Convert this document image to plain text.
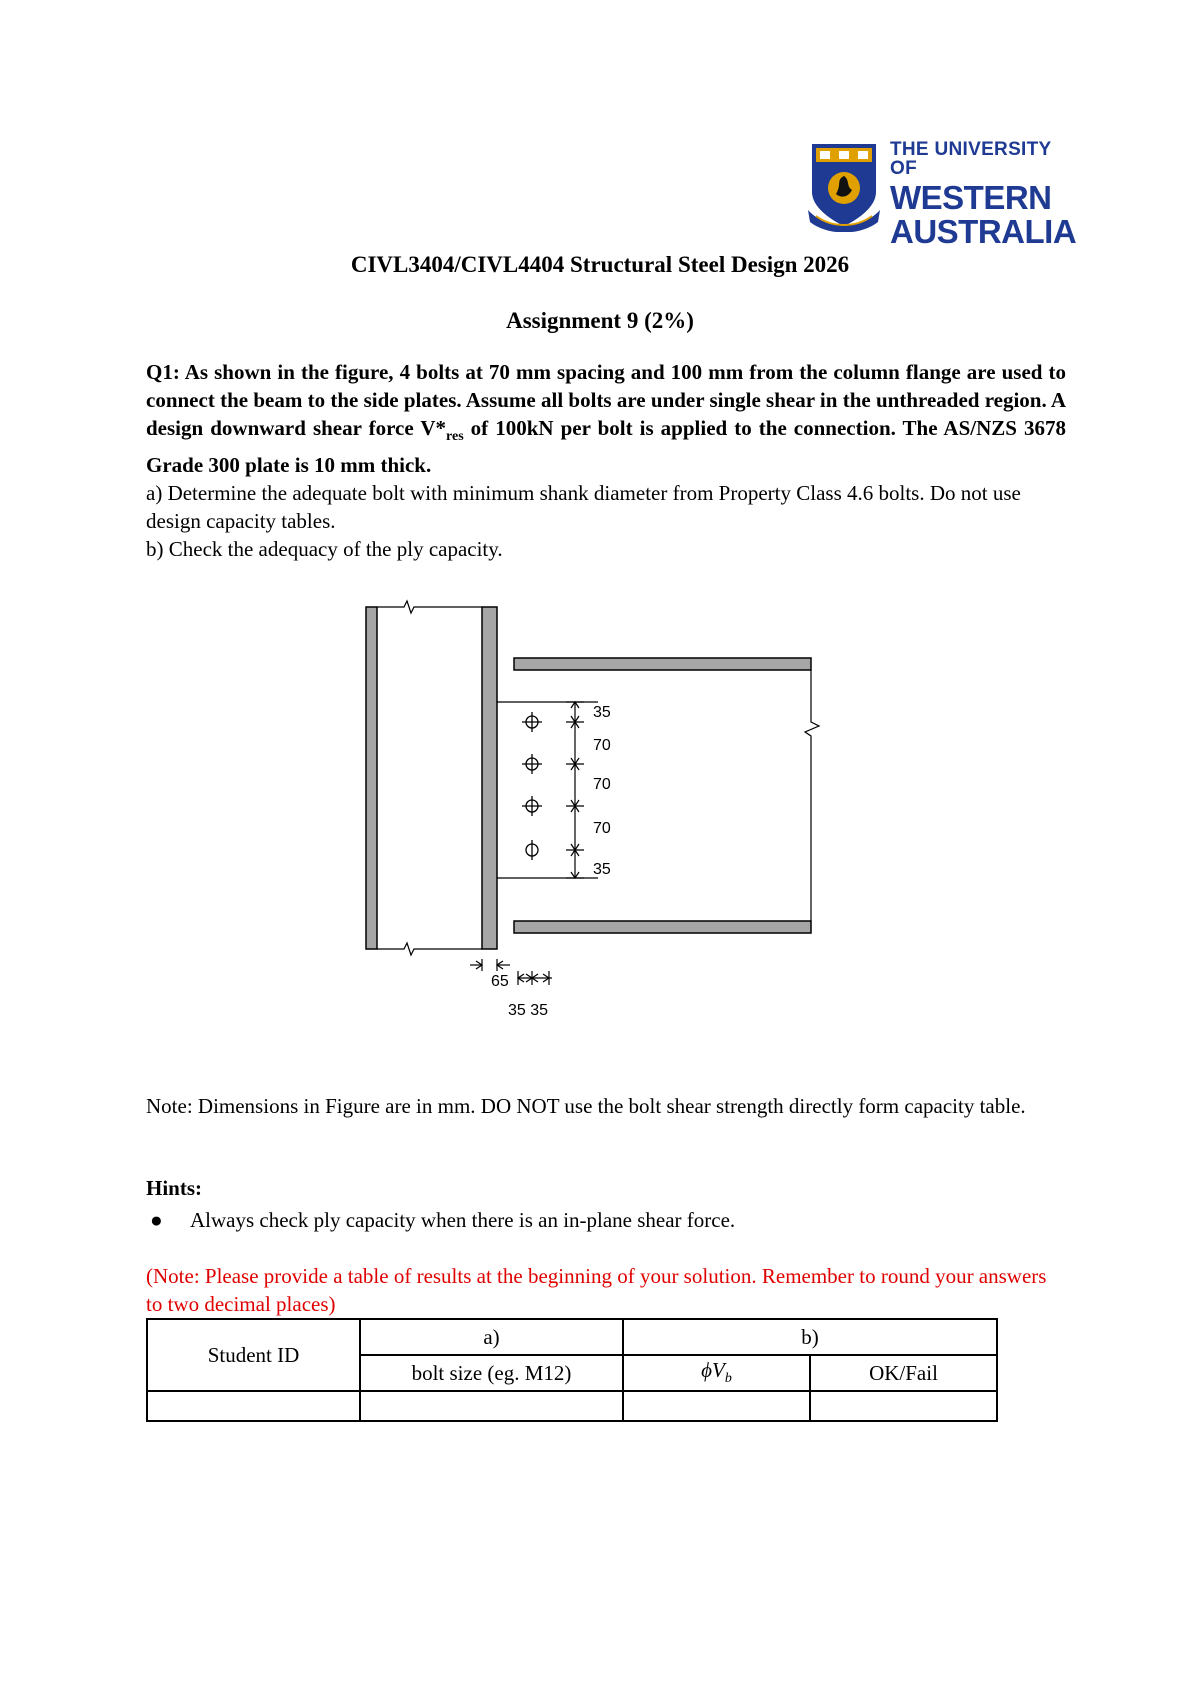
THE UNIVERSITY OF
WESTERN
AUSTRALIA
CIVL3404/CIVL4404 Structural Steel Design 2026
Assignment 9 (2%)

Q1: As shown in the figure, 4 bolts at 70 mm spacing and 100 mm from the column flange are used to connect the beam to the side plates. Assume all bolts are under single shear in the unthreaded region. A design downward shear force $V*_{res}$ of 100kN per bolt is applied to the connection. The AS/NZS 3678 Grade 300 plate is 10 mm thick.

a) Determine the adequate bolt with minimum shank diameter from Property Class 4.6 bolts. Do not use design capacity tables.

b) Check the adequacy of the ply capacity.

35
70
70
70
35
65
35 35
Note: Dimensions in Figure are in mm. DO NOT use the bolt shear strength directly form capacity table.
Hints:
● Always check ply capacity when there is an in-plane shear force.
(Note: Please provide a table of results at the beginning of your solution. Remember to round your answers to two decimal places)
Student ID	a)	b)	
	bolt size (eg. M12)	$\phi V_b$	OK/Fail
